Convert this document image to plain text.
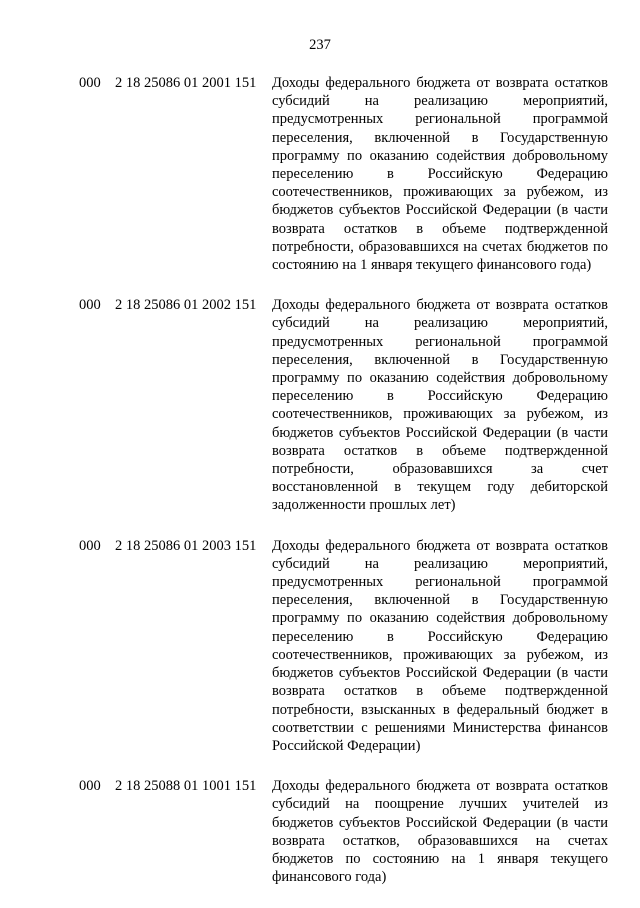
237
000 2 18 25086 01 2001 151 Доходы федерального бюджета от возврата остатков субсидий на реализацию мероприятий, предусмотренных региональной программой переселения, включенной в Государственную программу по оказанию содействия добровольному переселению в Российскую Федерацию соотечественников, проживающих за рубежом, из бюджетов субъектов Российской Федерации (в части возврата остатков в объеме подтвержденной потребности, образовавшихся на счетах бюджетов по состоянию на 1 января текущего финансового года)
000 2 18 25086 01 2002 151 Доходы федерального бюджета от возврата остатков субсидий на реализацию мероприятий, предусмотренных региональной программой переселения, включенной в Государственную программу по оказанию содействия добровольному переселению в Российскую Федерацию соотечественников, проживающих за рубежом, из бюджетов субъектов Российской Федерации (в части возврата остатков в объеме подтвержденной потребности, образовавшихся за счет восстановленной в текущем году дебиторской задолженности прошлых лет)
000 2 18 25086 01 2003 151 Доходы федерального бюджета от возврата остатков субсидий на реализацию мероприятий, предусмотренных региональной программой переселения, включенной в Государственную программу по оказанию содействия добровольному переселению в Российскую Федерацию соотечественников, проживающих за рубежом, из бюджетов субъектов Российской Федерации (в части возврата остатков в объеме подтвержденной потребности, взысканных в федеральный бюджет в соответствии с решениями Министерства финансов Российской Федерации)
000 2 18 25088 01 1001 151 Доходы федерального бюджета от возврата остатков субсидий на поощрение лучших учителей из бюджетов субъектов Российской Федерации (в части возврата остатков, образовавшихся на счетах бюджетов по состоянию на 1 января текущего финансового года)
